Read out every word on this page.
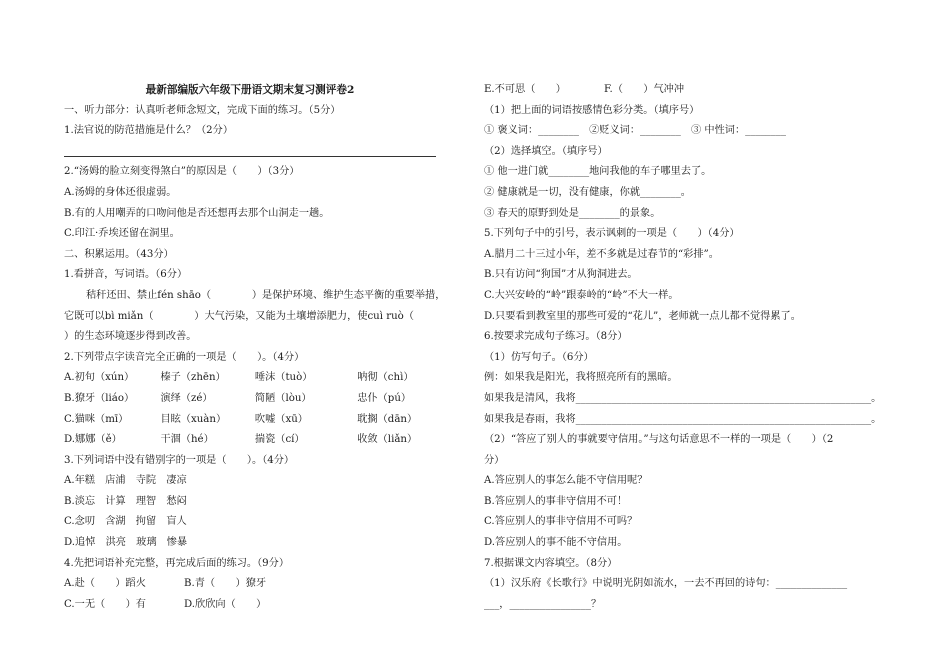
最新部编版六年级下册语文期末复习测评卷2
一、听力部分：认真听老师念短文，完成下面的练习。（5分）
1.法官说的防范措施是什么？（2分）
2.“汤姆的脸立刻变得煞白”的原因是（　　）（3分）
A.汤姆的身体还很虚弱。
B.有的人用嘲弄的口吻问他是否还想再去那个山洞走一趟。
C.印江·乔埃还留在洞里。
二、积累运用。（43分）
1.看拼音，写词语。（6分）
秸秆还田、禁止fén shāo（　　　　）是保护环境、维护生态平衡的重要举措，
它既可以bì miǎn（　　　　）大气污染，又能为土壤增添肥力，使cuì ruò（
）的生态环境逐步得到改善。
2.下列带点字读音完全正确的一项是（　　）。（4分）
A.初旬（xún）	榛子（zhēn）	唾沫（tuò）	呐彻（chì）
B.獠牙（liáo）	演绎（zé）	简陋（lòu）	忠仆（pú）
C.猫咪（mī）	目眩（xuàn）	吹嘘（xū）	耽搁（dān）
D.娜娜（ě）	干涸（hé）	揣瓷（cí）	收敛（liǎn）
3.下列词语中没有错别字的一项是（　　）。（4分）
A.年糕　店浦　寺院　凄凉
B.淡忘　计算　理智　愁闷
C.念叨　含湖　拘留　盲人
D.追悼　洪亮　玻璃　惨暴
4.先把词语补充完整，再完成后面的练习。（9分）
A.赴（　　）蹈火	B.青（　　）獠牙
C.一无（　　）有	D.欣欣向（　　）
E.不可思（　　）	F.（　　）气冲冲
（1）把上面的词语按感情色彩分类。（填序号）
① 褒义词：________　②贬义词：________　③ 中性词：________
（2）选择填空。（填序号）
① 他一进门就________地问我他的车子哪里去了。
② 健康就是一切，没有健康，你就________。
③ 春天的原野到处是________的景象。
5.下列句子中的引号，表示讽刺的一项是（　　）（4分）
A.腊月二十三过小年，差不多就是过春节的“彩排”。
B.只有访问“狗国”才从狗洞进去。
C.大兴安岭的“岭”跟泰岭的“岭”不大一样。
D.只要看到教室里的那些可爱的“花儿”，老师就一点儿都不觉得累了。
6.按要求完成句子练习。（8分）
（1）仿写句子。（6分）
例：如果我是阳光，我将照亮所有的黑暗。
如果我是清风，我将__________________________________________________________。
如果我是春雨，我将__________________________________________________________。
（2）“答应了别人的事就要守信用。”与这句话意思不一样的一项是（　　）（2
分）
A.答应别人的事怎么能不守信用呢？
B.答应别人的事非守信用不可！
C.答应别人的事非守信用不可吗？
D.答应别人的事不能不守信用。
7.根据课文内容填空。（8分）
（1）汉乐府《长歌行》中说明光阴如流水，一去不再回的诗句：______________
___，________________？
